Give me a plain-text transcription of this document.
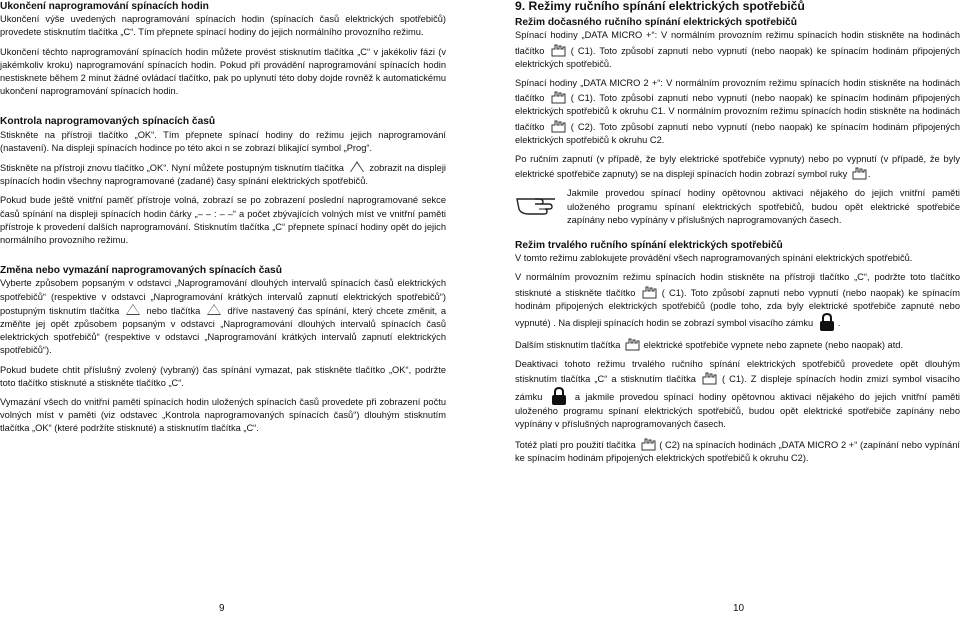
Ukončení naprogramování spínacích hodin

Ukončení výše uvedených naprogramování spínacích hodin (spínacích časů elektrických spotřebičů) provedete stisknutím tlačítka „C“. Tím přepnete spínací hodiny do jejich normálního provozního režimu.

Ukončení těchto naprogramování spínacích hodin můžete provést stisknutím tlačítka „C“ v jakékoliv fázi (v jakémkoliv kroku) naprogramování spínacích hodin. Pokud při provádění naprogramování spínacích hodin nestisknete během 2 minut žádné ovládací tlačítko, pak po uplynutí této doby dojde rovněž k automatickému ukončení naprogramování spínacích hodin.

Kontrola naprogramovaných spínacích časů

Stiskněte na přístroji tlačítko „OK“. Tím přepnete spínací hodiny do režimu jejich naprogramování (nastavení). Na displeji spínacích hodince po této akci n se zobrazí blikající symbol „Prog“.

Stiskněte na přístroji znovu tlačítko „OK“. Nyní můžete postupným tisknutím tlačítka	zobrazit na displeji spínacích hodin všechny naprogramované (zadané) časy spínání elektrických spotřebičů.

Pokud bude ještě vnitřní paměť přístroje volná, zobrazí se po zobrazení poslední naprogramované sekce časů spínání na displeji spínacích hodin čárky „– – : – –“ a počet zbývajících volných míst ve vnitřní paměti přístroje k provedení dalších naprogramování. Stisknutím tlačítka „C“ přepnete spínací hodiny opět do jejich normálního provozního režimu.

Změna nebo vymazání naprogramovaných spínacích časů

Vyberte způsobem popsaným v odstavci „Naprogramování dlouhých intervalů spínacích časů elektrických spotřebičů“ (respektive v odstavci „Naprogramování krátkých intervalů zapnutí elektrických spotřebičů“) postupným tisknutím tlačítka	nebo tlačítka	dříve nastavený čas spínání, který chcete změnit, a změňte jej opět způsobem popsaným v odstavci „Naprogramování dlouhých intervalů spínacích časů elektrických spotřebičů“ (respektive v odstavci „Naprogramování krátkých intervalů zapnutí elektrických spotřebičů“).

Pokud budete chtít příslušný zvolený (vybraný) čas spínání vymazat, pak stiskněte tlačítko „OK“, podržte toto tlačítko stisknuté a stiskněte tlačítko „C“.

Vymazání všech do vnitřní paměti spínacích hodin uložených spínacích časů provedete při zobrazení počtu volných míst v paměti (viz odstavec „Kontrola naprogramovaných spínacích časů“) dlouhým stisknutím tlačítka „OK“ (které podržíte stisknuté) a stisknutím tlačítka „C“.

9
9. Režimy ručního spínání elektrických spotřebičů
Režim dočasného ručního spínání elektrických spotřebičů

Spínací hodiny „DATA MICRO +“: V normálním provozním režimu spínacích hodin stiskněte na hodinách tlačítko	( C1). Toto způsobí zapnutí nebo vypnutí (nebo naopak) ke spínacím hodinám připojených elektrických spotřebičů.

Spínací hodiny „DATA MICRO 2 +“: V normálním provozním režimu spínacích hodin stiskněte na hodinách tlačítko	( C1). Toto způsobí zapnutí nebo vypnutí (nebo naopak) ke spínacím hodinám připojených elektrických spotřebičů k okruhu C1. V normálním provozním režimu spínacích hodin stiskněte na hodinách tlačítko	( C2). Toto způsobí zapnutí nebo vypnutí (nebo naopak) ke spínacím hodinám připojených elektrických spotřebičů k okruhu C2.

Po ručním zapnutí (v případě, že byly elektrické spotřebiče vypnuty) nebo po vypnutí (v případě, že byly elektrické spotřebiče zapnuty) se na displeji spínacích hodin zobrazí symbol ruky .

Jakmile provedou spínací hodiny opětovnou aktivaci nějakého do jejich vnitřní paměti uloženého programu spínaní elektrických spotřebičů, budou opět elektrické spotřebiče zapínány nebo vypínány v příslušných naprogramovaných časech.
Režim trvalého ručního spínání elektrických spotřebičů

V tomto režimu zablokujete provádění všech naprogramovaných spínání elektrických spotřebičů.

V normálním provozním režimu spínacích hodin stiskněte na přístroji tlačítko „C“, podržte toto tlačítko stisknuté a stiskněte tlačítko	( C1). Toto způsobí zapnutí nebo vypnutí (nebo naopak) ke spínacím hodinám připojených elektrických spotřebičů (podle toho, zda byly elektrické spotřebiče zapnuté nebo vypnuté) . Na displeji spínacích hodin se zobrazí symbol visacího zámku	.

Dalším stisknutím tlačítka elektrické spotřebiče vypnete nebo zapnete (nebo naopak) atd.

Deaktivaci tohoto režimu trvalého ručního spínání elektrických spotřebičů provedete opět dlouhým stisknutím tlačítka „C“ a stisknutím tlačítka	( C1). Z displeje spínacích hodin zmizí symbol visacího zámku	a jakmile provedou spínací hodiny opětovnou aktivaci nějakého do jejich vnitřní paměti uloženého programu spínaní elektrických spotřebičů, budou opět elektrické spotřebiče zapínány nebo vypínány v příslušných naprogramovaných časech.

Totéž platí pro použití tlačítka	( C2) na spínacích hodinách „DATA MICRO 2 +“ (zapínání nebo vypínání ke spínacím hodinám připojených elektrických spotřebičů k okruhu C2).

10
